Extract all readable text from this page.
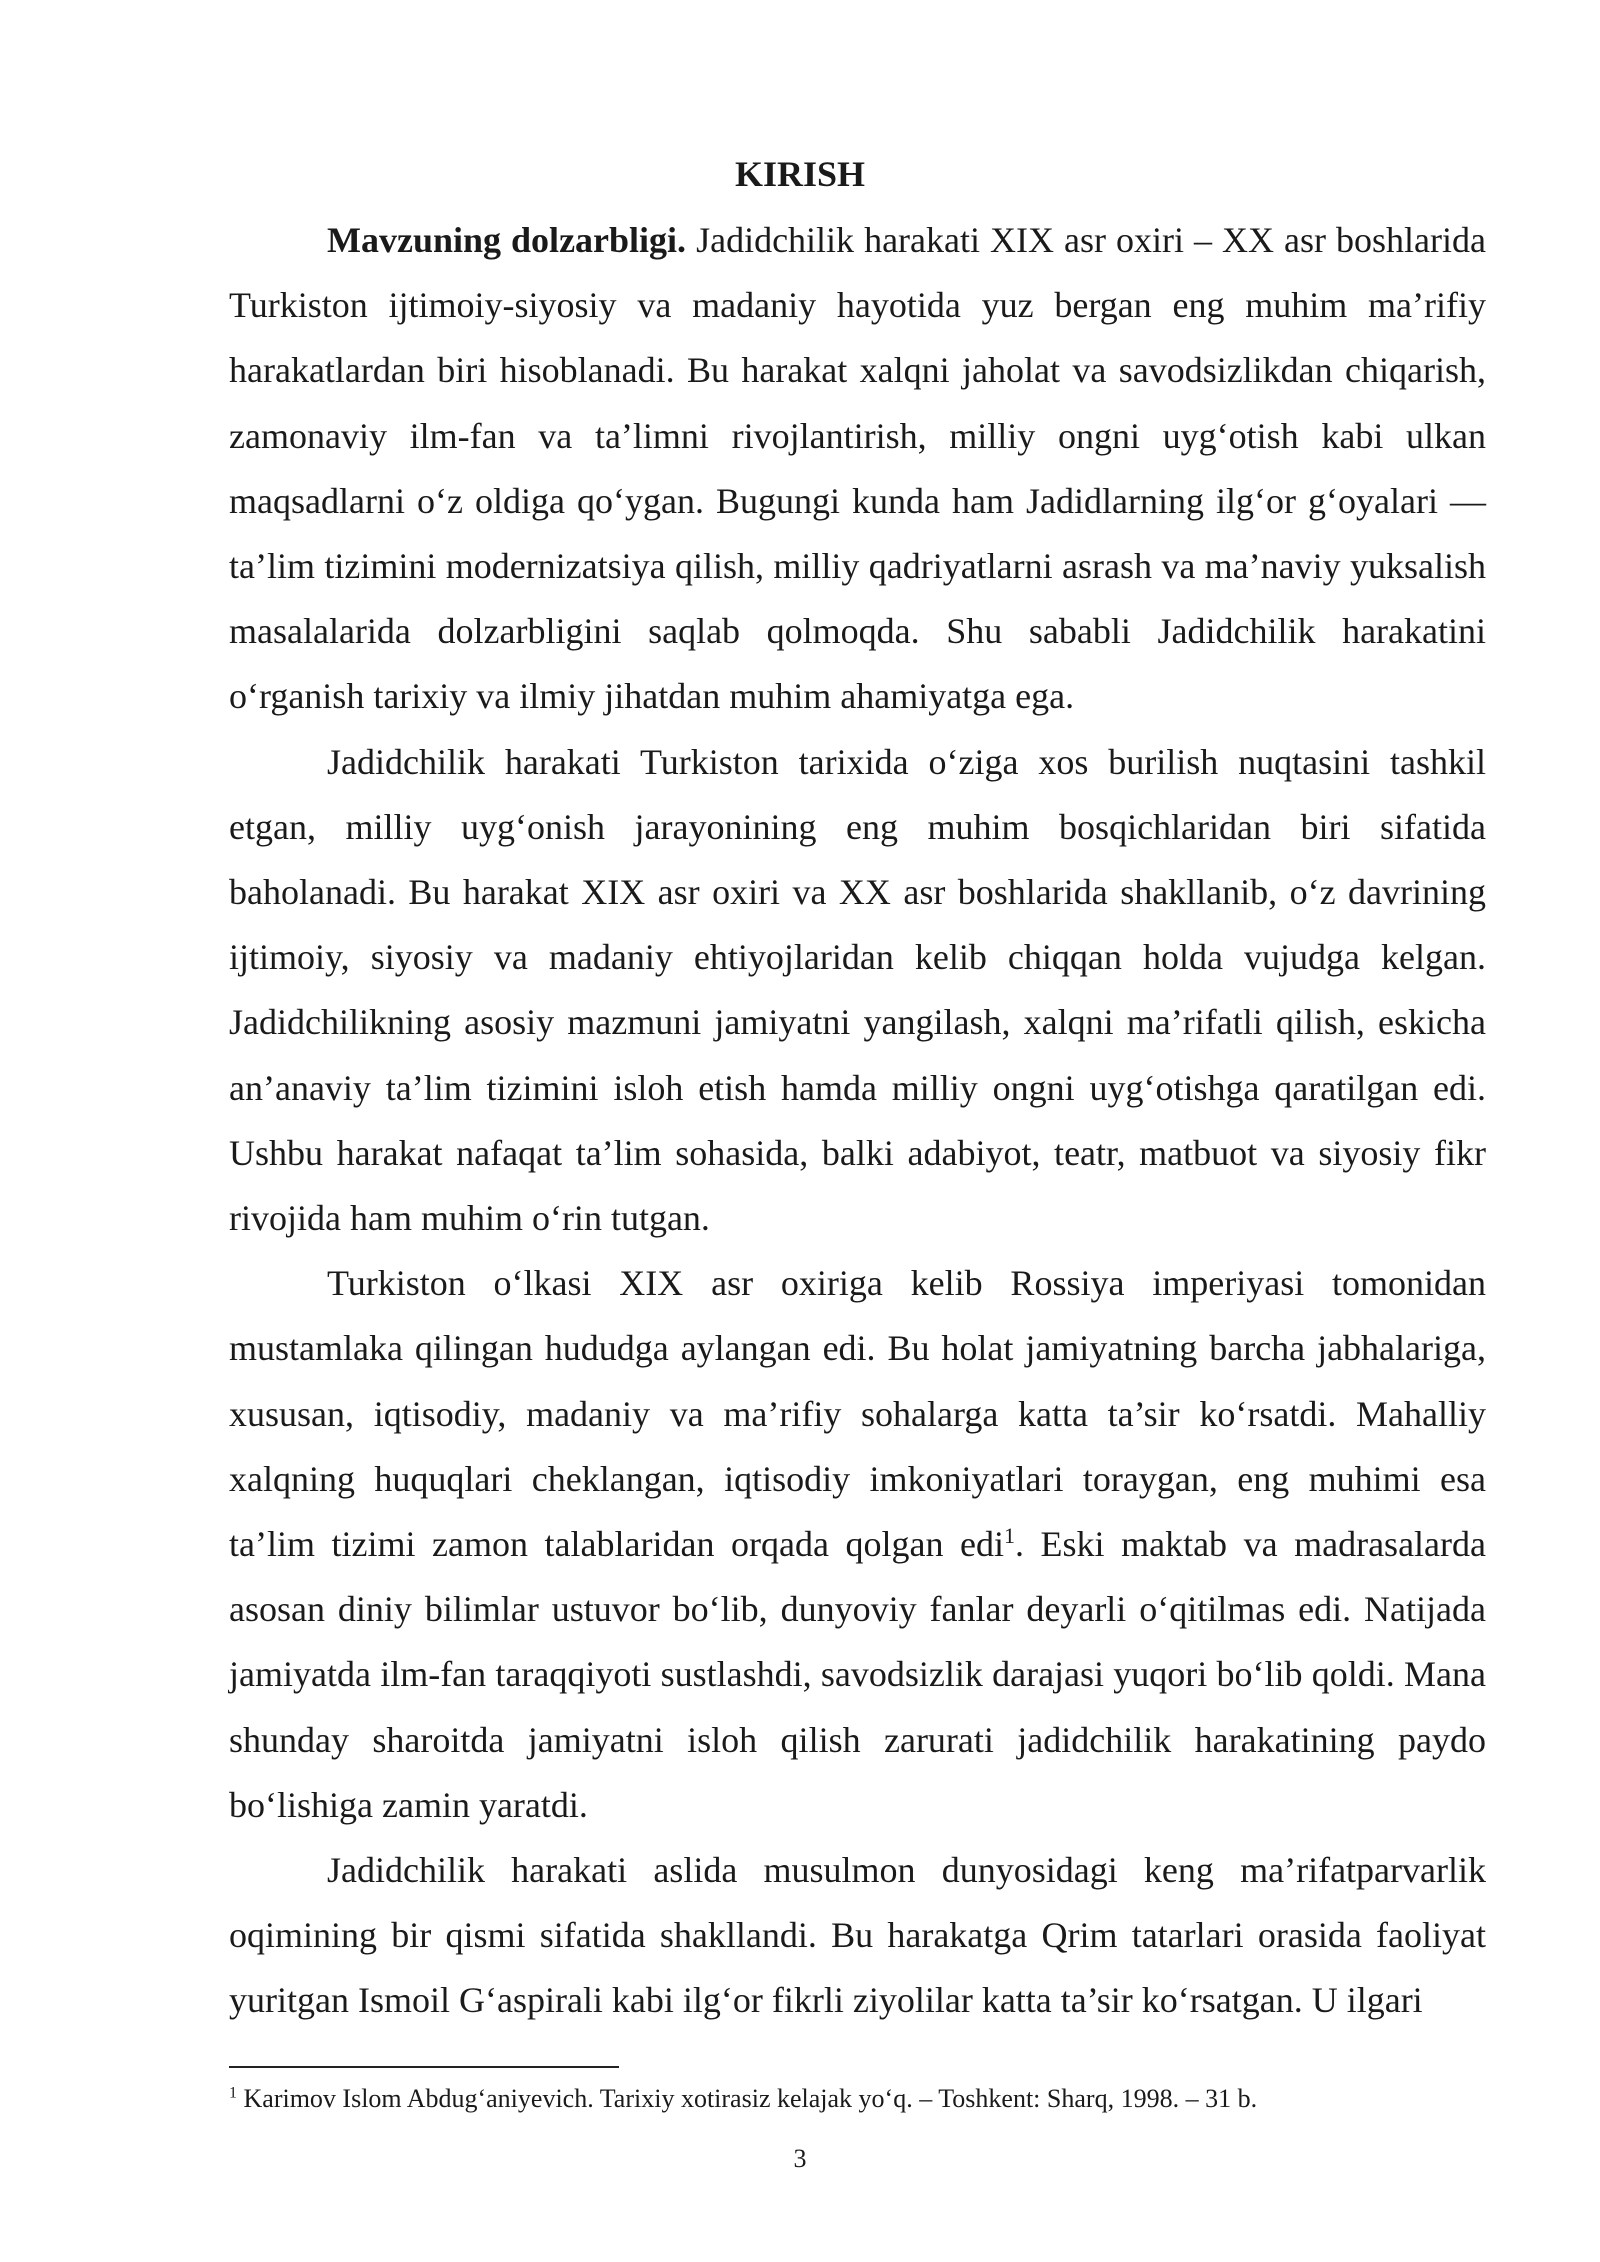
KIRISH

Mavzuning dolzarbligi. Jadidchilik harakati XIX asr oxiri – XX asr boshlarida Turkiston ijtimoiy-siyosiy va madaniy hayotida yuz bergan eng muhim ma’rifiy harakatlardan biri hisoblanadi. Bu harakat xalqni jaholat va savodsizlikdan chiqarish, zamonaviy ilm-fan va ta’limni rivojlantirish, milliy ongni uyg‘otish kabi ulkan maqsadlarni o‘z oldiga qo‘ygan. Bugungi kunda ham Jadidlarning ilg‘or g‘oyalari — ta’lim tizimini modernizatsiya qilish, milliy qadriyatlarni asrash va ma’naviy yuksalish masalalarida dolzarbligini saqlab qolmoqda. Shu sababli Jadidchilik harakatini o‘rganish tarixiy va ilmiy jihatdan muhim ahamiyatga ega.

Jadidchilik harakati Turkiston tarixida o‘ziga xos burilish nuqtasini tashkil etgan, milliy uyg‘onish jarayonining eng muhim bosqichlaridan biri sifatida baholanadi. Bu harakat XIX asr oxiri va XX asr boshlarida shakllanib, o‘z davrining ijtimoiy, siyosiy va madaniy ehtiyojlaridan kelib chiqqan holda vujudga kelgan. Jadidchilikning asosiy mazmuni jamiyatni yangilash, xalqni ma’rifatli qilish, eskicha an’anaviy ta’lim tizimini isloh etish hamda milliy ongni uyg‘otishga qaratilgan edi. Ushbu harakat nafaqat ta’lim sohasida, balki adabiyot, teatr, matbuot va siyosiy fikr rivojida ham muhim o‘rin tutgan.

Turkiston o‘lkasi XIX asr oxiriga kelib Rossiya imperiyasi tomonidan mustamlaka qilingan hududga aylangan edi. Bu holat jamiyatning barcha jabhalariga, xususan, iqtisodiy, madaniy va ma’rifiy sohalarga katta ta’sir ko‘rsatdi. Mahalliy xalqning huquqlari cheklangan, iqtisodiy imkoniyatlari toraygan, eng muhimi esa ta’lim tizimi zamon talablaridan orqada qolgan edi$^1$. Eski maktab va madrasalarda asosan diniy bilimlar ustuvor bo‘lib, dunyoviy fanlar deyarli o‘qitilmas edi. Natijada jamiyatda ilm-fan taraqqiyoti sustlashdi, savodsizlik darajasi yuqori bo‘lib qoldi. Mana shunday sharoitda jamiyatni isloh qilish zarurati jadidchilik harakatining paydo bo‘lishiga zamin yaratdi.

Jadidchilik harakati aslida musulmon dunyosidagi keng ma’rifatparvarlik oqimining bir qismi sifatida shakllandi. Bu harakatga Qrim tatarlari orasida faoliyat yuritgan Ismoil G‘aspirali kabi ilg‘or fikrli ziyolilar katta ta’sir ko‘rsatgan. U ilgari

$^1$ Karimov Islom Abdug‘aniyevich. Tarixiy xotirasiz kelajak yo‘q. – Toshkent: Sharq, 1998. – 31 b.
3
